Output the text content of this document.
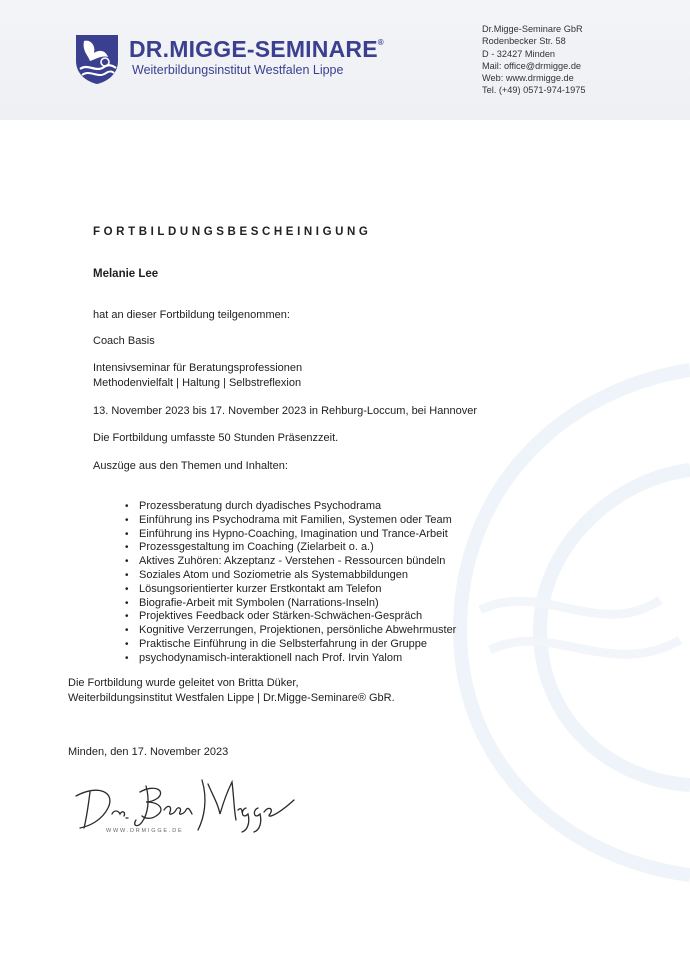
DR.MIGGE-SEMINARE®
Weiterbildungsinstitut Westfalen Lippe
Dr.Migge-Seminare GbR
Rodenbecker Str. 58
D - 32427 Minden
Mail: office@drmigge.de
Web: www.drmigge.de
Tel. (+49) 0571-974-1975
FORTBILDUNGSBESCHEINIGUNG
Melanie Lee
hat an dieser Fortbildung teilgenommen:
Coach Basis
Intensivseminar für Beratungsprofessionen
Methodenvielfalt | Haltung | Selbstreflexion
13. November 2023 bis 17. November 2023 in Rehburg-Loccum, bei Hannover
Die Fortbildung umfasste 50 Stunden Präsenzzeit.
Auszüge aus den Themen und Inhalten:
• Prozessberatung durch dyadisches Psychodrama
• Einführung ins Psychodrama mit Familien, Systemen oder Team
• Einführung ins Hypno-Coaching, Imagination und Trance-Arbeit
• Prozessgestaltung im Coaching (Zielarbeit o. a.)
• Aktives Zuhören: Akzeptanz - Verstehen - Ressourcen bündeln
• Soziales Atom und Soziometrie als Systemabbildungen
• Lösungsorientierter kurzer Erstkontakt am Telefon
• Biografie-Arbeit mit Symbolen (Narrations-Inseln)
• Projektives Feedback oder Stärken-Schwächen-Gespräch
• Kognitive Verzerrungen, Projektionen, persönliche Abwehrmuster
• Praktische Einführung in die Selbsterfahrung in der Gruppe
• psychodynamisch-interaktionell nach Prof. Irvin Yalom
Die Fortbildung wurde geleitet von Britta Düker,
Weiterbildungsinstitut Westfalen Lippe | Dr.Migge-Seminare® GbR.
Minden, den 17. November 2023
WWW.DRMIGGE.DE
